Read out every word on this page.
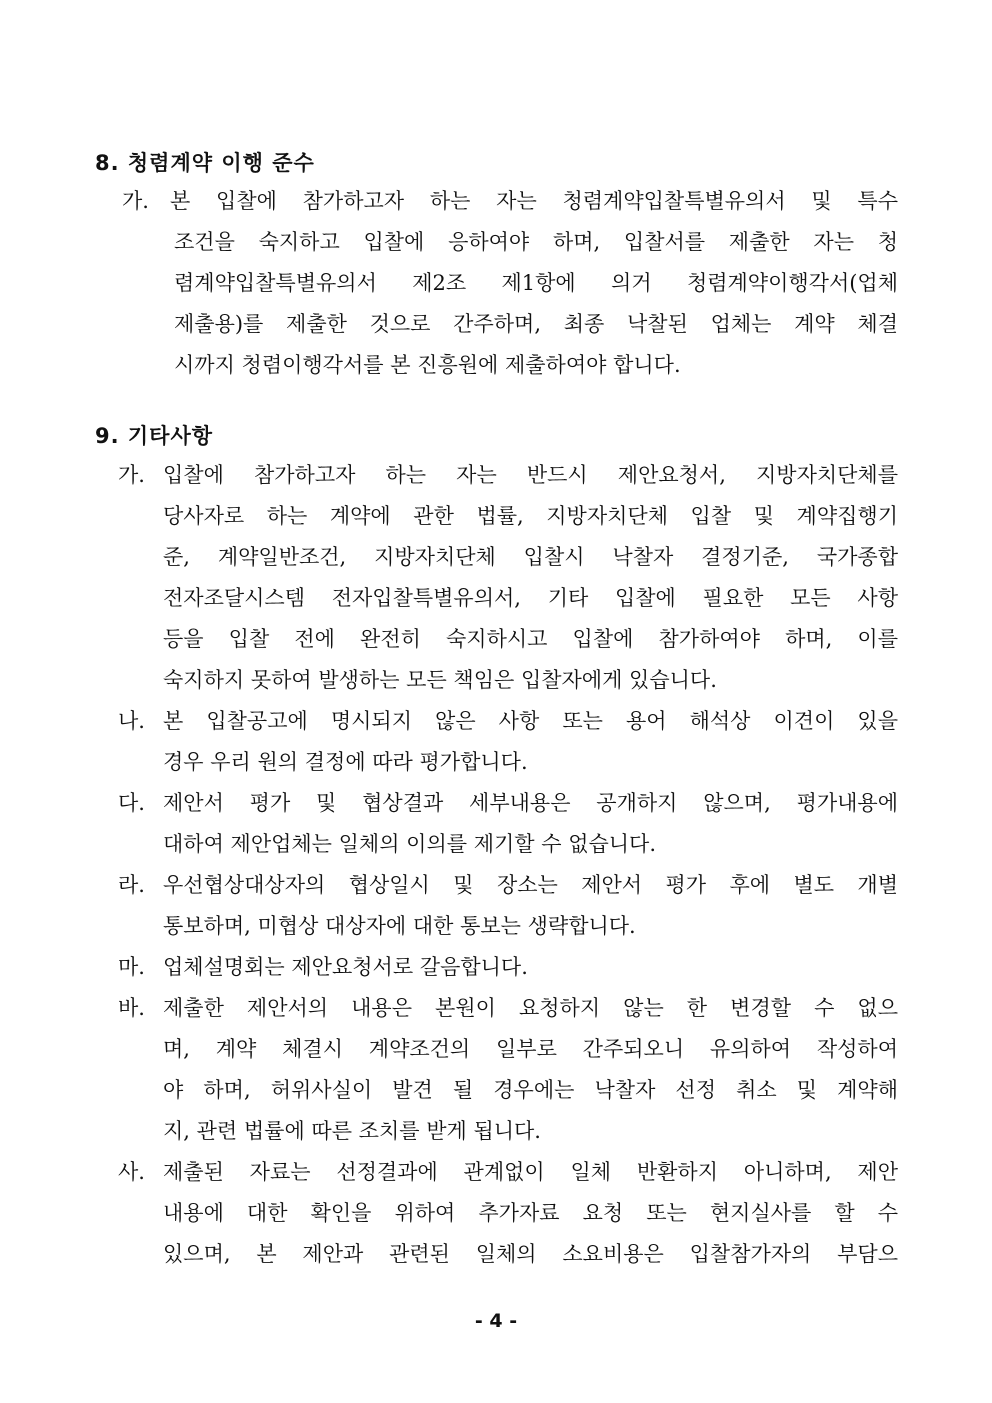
8. 청렴계약 이행 준수
가. 본 입찰에 참가하고자 하는 자는 청렴계약입찰특별유의서 및 특수
조건을 숙지하고 입찰에 응하여야 하며, 입찰서를 제출한 자는 청
렴계약입찰특별유의서 제2조 제1항에 의거 청렴계약이행각서(업체
제출용)를 제출한 것으로 간주하며, 최종 낙찰된 업체는 계약 체결
시까지 청렴이행각서를 본 진흥원에 제출하여야 합니다.
9. 기타사항
가. 입찰에 참가하고자 하는 자는 반드시 제안요청서, 지방자치단체를
당사자로 하는 계약에 관한 법률, 지방자치단체 입찰 및 계약집행기
준, 계약일반조건, 지방자치단체 입찰시 낙찰자 결정기준, 국가종합
전자조달시스템 전자입찰특별유의서, 기타 입찰에 필요한 모든 사항
등을 입찰 전에 완전히 숙지하시고 입찰에 참가하여야 하며, 이를
숙지하지 못하여 발생하는 모든 책임은 입찰자에게 있습니다.
나. 본 입찰공고에 명시되지 않은 사항 또는 용어 해석상 이견이 있을
경우 우리 원의 결정에 따라 평가합니다.
다. 제안서 평가 및 협상결과 세부내용은 공개하지 않으며, 평가내용에
대하여 제안업체는 일체의 이의를 제기할 수 없습니다.
라. 우선협상대상자의 협상일시 및 장소는 제안서 평가 후에 별도 개별
통보하며, 미협상 대상자에 대한 통보는 생략합니다.
마. 업체설명회는 제안요청서로 갈음합니다.
바. 제출한 제안서의 내용은 본원이 요청하지 않는 한 변경할 수 없으
며, 계약 체결시 계약조건의 일부로 간주되오니 유의하여 작성하여
야 하며, 허위사실이 발견 될 경우에는 낙찰자 선정 취소 및 계약해
지, 관련 법률에 따른 조치를 받게 됩니다.
사. 제출된 자료는 선정결과에 관계없이 일체 반환하지 아니하며, 제안
내용에 대한 확인을 위하여 추가자료 요청 또는 현지실사를 할 수
있으며, 본 제안과 관련된 일체의 소요비용은 입찰참가자의 부담으
- 4 -
